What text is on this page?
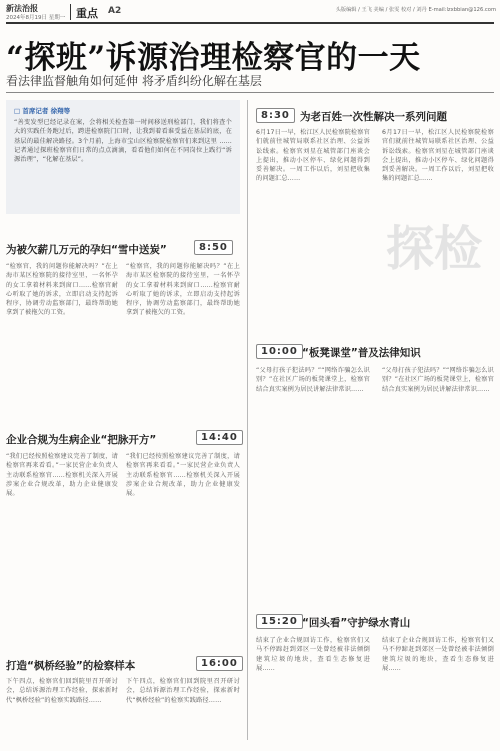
新法治报
2024年8月19日 星期一 重点 A2	头版编辑 / 王飞 美编 / 张雯 校对 / 刘丹 E-mail:lzxbbian@126.com
“探班”诉源治理检察官的一天
看法律监督触角如何延伸 将矛盾纠纷化解在基层
□ 首席记者 徐翔等
“善变发型已经记录在案，会将相关检查第一时间移送刑检部门，我们将查个大的实践任务跑过后，跨进检察院门口时，让我到着看谁受益在基层的底，在基层的最佳解决路径。3个月前，上海市宝山区检察院检察官们来到这里 …… 记者通过探班检察官们日常的点点滴滴，看看他们如何在不同岗位上践行“诉源治理”，“化解在基层”。
8:30 为老百姓一次性解决一系列问题
6月17日一早，松江区人民检察院检察官们就前往城管局联系社区治理、公益诉讼线索。检察官刘星在城管部门座谈会上提出，推动小区停车、绿化问题得到妥善解决。一周工作以后，刘星把收集的问题汇总……
6月17日一早，松江区人民检察院检察官们就前往城管局联系社区治理、公益诉讼线索。检察官刘星在城管部门座谈会上提出，推动小区停车、绿化问题得到妥善解决。一周工作以后，刘星把收集的问题汇总……
探检
为被欠薪几万元的孕妇“雪中送炭”	8:50
“检察官，我的问题你能解决吗？”在上海市某区检察院的接待室里，一名怀孕的女工拿着材料来到窗口……检察官耐心听取了她的诉求，立即启动支持起诉程序，协调劳动监察部门，最终帮助她拿到了被拖欠的工资。
“检察官，我的问题你能解决吗？”在上海市某区检察院的接待室里，一名怀孕的女工拿着材料来到窗口……检察官耐心听取了她的诉求，立即启动支持起诉程序，协调劳动监察部门，最终帮助她拿到了被拖欠的工资。
10:00 “板凳课堂”普及法律知识
“父母打孩子犯法吗？”“网络诈骗怎么识别？”在社区广场的板凳课堂上，检察官结合真实案例为居民讲解法律常识……
“父母打孩子犯法吗？”“网络诈骗怎么识别？”在社区广场的板凳课堂上，检察官结合真实案例为居民讲解法律常识……
企业合规为生病企业“把脉开方”	14:40
“我们已经按照检察建议完善了制度，请检察官再来看看。”一家民营企业负责人主动联系检察官……检察机关深入开展涉案企业合规改革，助力企业健康发展。
“我们已经按照检察建议完善了制度，请检察官再来看看。”一家民营企业负责人主动联系检察官……检察机关深入开展涉案企业合规改革，助力企业健康发展。
15:20 “回头看”守护绿水青山
结束了企业合规回访工作，检察官们又马不停蹄赶到郊区一处曾经被非法倾倒建筑垃圾的地块，查看生态修复进展……
结束了企业合规回访工作，检察官们又马不停蹄赶到郊区一处曾经被非法倾倒建筑垃圾的地块，查看生态修复进展……
打造“枫桥经验”的检察样本	16:00
下午四点，检察官们回到院里召开研讨会，总结诉源治理工作经验，探索新时代“枫桥经验”的检察实践路径……
下午四点，检察官们回到院里召开研讨会，总结诉源治理工作经验，探索新时代“枫桥经验”的检察实践路径……
